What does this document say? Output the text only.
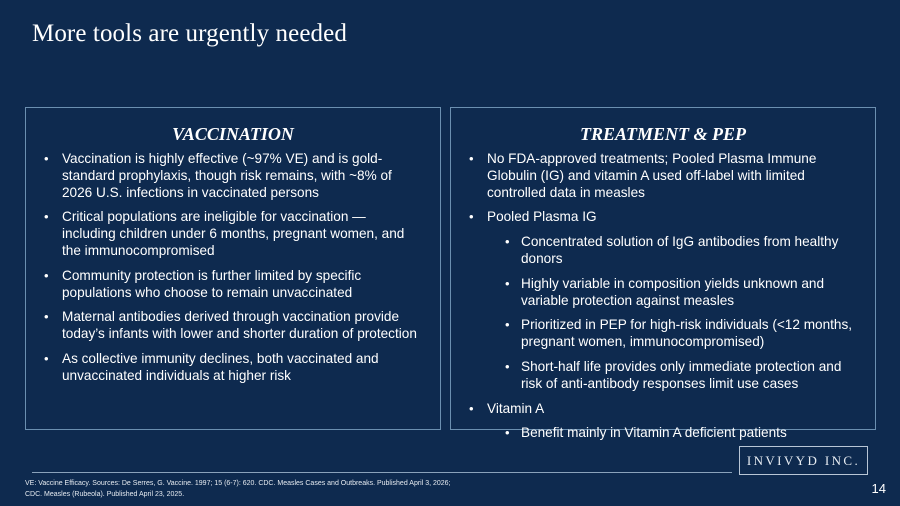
More tools are urgently needed
VACCINATION
• Vaccination is highly effective (~97% VE) and is gold-standard prophylaxis, though risk remains, with ~8% of 2026 U.S. infections in vaccinated persons
• Critical populations are ineligible for vaccination — including children under 6 months, pregnant women, and the immunocompromised
• Community protection is further limited by specific populations who choose to remain unvaccinated
• Maternal antibodies derived through vaccination provide today’s infants with lower and shorter duration of protection
• As collective immunity declines, both vaccinated and unvaccinated individuals at higher risk
TREATMENT & PEP
• No FDA-approved treatments; Pooled Plasma Immune Globulin (IG) and vitamin A used off-label with limited controlled data in measles
• Pooled Plasma IG
• Concentrated solution of IgG antibodies from healthy donors
• Highly variable in composition yields unknown and variable protection against measles
• Prioritized in PEP for high-risk individuals (<12 months, pregnant women, immunocompromised)
• Short-half life provides only immediate protection and risk of anti-antibody responses limit use cases
• Vitamin A
• Benefit mainly in Vitamin A deficient patients
INVIVYD INC.
VE: Vaccine Efficacy. Sources: De Serres, G. Vaccine. 1997; 15 (6-7): 620. CDC. Measles Cases and Outbreaks. Published April 3, 2026;
CDC. Measles (Rubeola). Published April 23, 2025.	14
